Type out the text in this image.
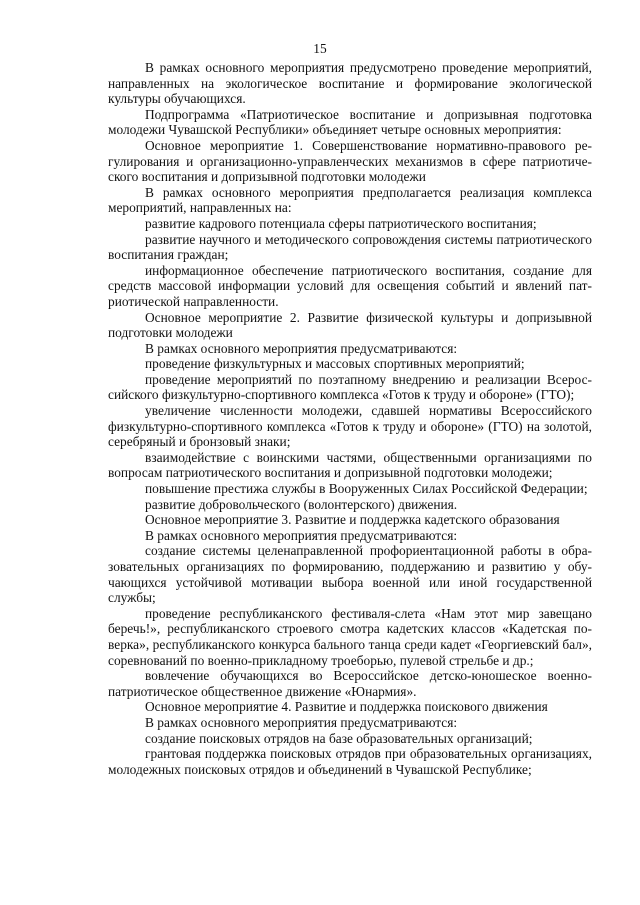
15

В рамках основного мероприятия предусмотрено проведение мероприятий, направленных на экологическое воспитание и формирование экологической культуры обучающихся.

Подпрограмма «Патриотическое воспитание и допризывная подготовка молодежи Чувашской Республики» объединяет четыре основных мероприятия:

Основное мероприятие 1. Совершенствование нормативно-правового регулирования и организационно-управленческих механизмов в сфере патриотического воспитания и допризывной подготовки молодежи

В рамках основного мероприятия предполагается реализация комплекса мероприятий, направленных на:

развитие кадрового потенциала сферы патриотического воспитания;

развитие научного и методического сопровождения системы патриотического воспитания граждан;

информационное обеспечение патриотического воспитания, создание для средств массовой информации условий для освещения событий и явлений патриотической направленности.

Основное мероприятие 2. Развитие физической культуры и допризывной подготовки молодежи

В рамках основного мероприятия предусматриваются:

проведение физкультурных и массовых спортивных мероприятий;

проведение мероприятий по поэтапному внедрению и реализации Всероссийского физкультурно-спортивного комплекса «Готов к труду и обороне» (ГТО);

увеличение численности молодежи, сдавшей нормативы Всероссийского физкультурно-спортивного комплекса «Готов к труду и обороне» (ГТО) на золотой, серебряный и бронзовый знаки;

взаимодействие с воинскими частями, общественными организациями по вопросам патриотического воспитания и допризывной подготовки молодежи;

повышение престижа службы в Вооруженных Силах Российской Федерации;

развитие добровольческого (волонтерского) движения.

Основное мероприятие 3. Развитие и поддержка кадетского образования

В рамках основного мероприятия предусматриваются:

создание системы целенаправленной профориентационной работы в образовательных организациях по формированию, поддержанию и развитию у обучающихся устойчивой мотивации выбора военной или иной государственной службы;

проведение республиканского фестиваля-слета «Нам этот мир завещано беречь!», республиканского строевого смотра кадетских классов «Кадетская поверка», республиканского конкурса бального танца среди кадет «Георгиевский бал», соревнований по военно-прикладному троеборью, пулевой стрельбе и др.;

вовлечение обучающихся во Всероссийское детско-юношеское военно-патриотическое общественное движение «Юнармия».

Основное мероприятие 4. Развитие и поддержка поискового движения

В рамках основного мероприятия предусматриваются:

создание поисковых отрядов на базе образовательных организаций;

грантовая поддержка поисковых отрядов при образовательных организациях, молодежных поисковых отрядов и объединений в Чувашской Республике;
